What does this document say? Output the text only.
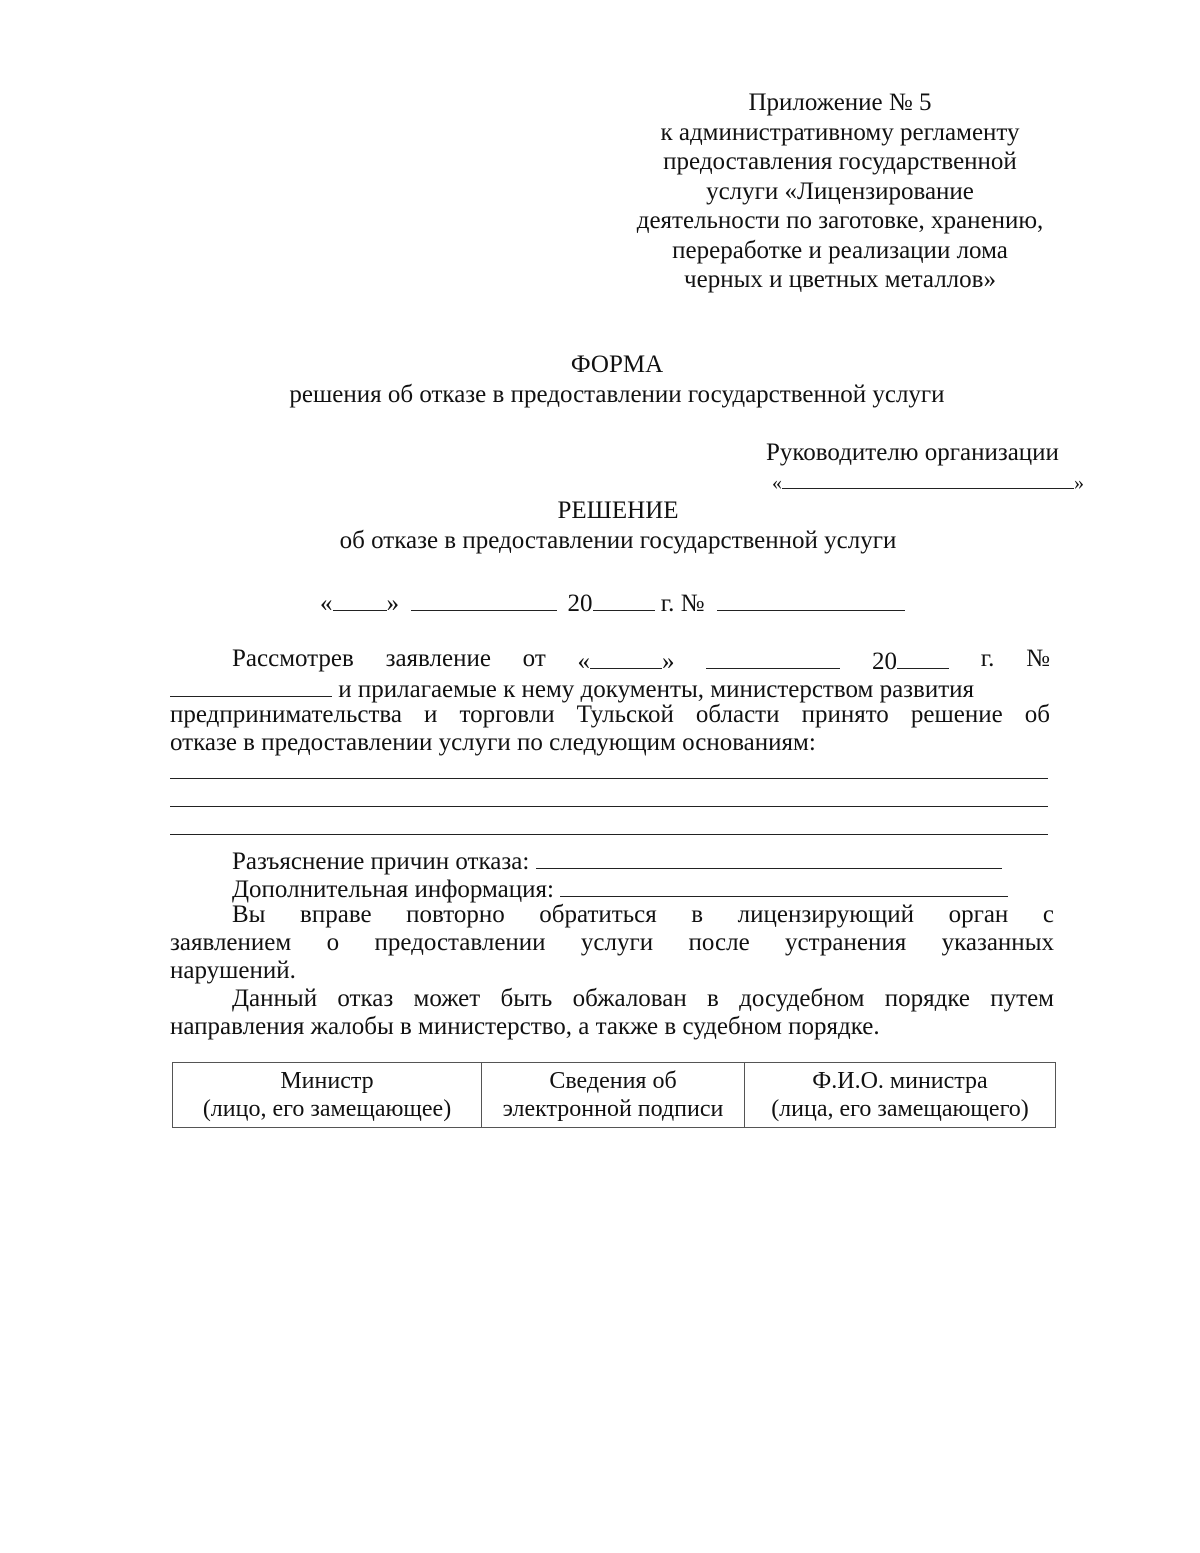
Приложение № 5
к административному регламенту
предоставления государственной
услуги «Лицензирование
деятельности по заготовке, хранению,
переработке и реализации лома
черных и цветных металлов»
ФОРМА
решения об отказе в предоставлении государственной услуги
Руководителю организации
«	»
РЕШЕНИЕ
об отказе в предоставлении государственной услуги
« »	20	г. №
Рассмотрев заявление от «	»	20	г. №
и прилагаемые к нему документы, министерством развития
предпринимательства и торговли Тульской области принято решение об
отказе в предоставлении услуги по следующим основаниям:
Разъяснение причин отказа:
Дополнительная информация:
Вы вправе повторно обратиться в лицензирующий орган с
заявлением о предоставлении услуги после устранения указанных
нарушений.
Данный отказ может быть обжалован в досудебном порядке путем
направления жалобы в министерство, а также в судебном порядке.
Министр
(лицо, его замещающее)

Сведения об
электронной подписи

Ф.И.О. министра
(лица, его замещающего)
